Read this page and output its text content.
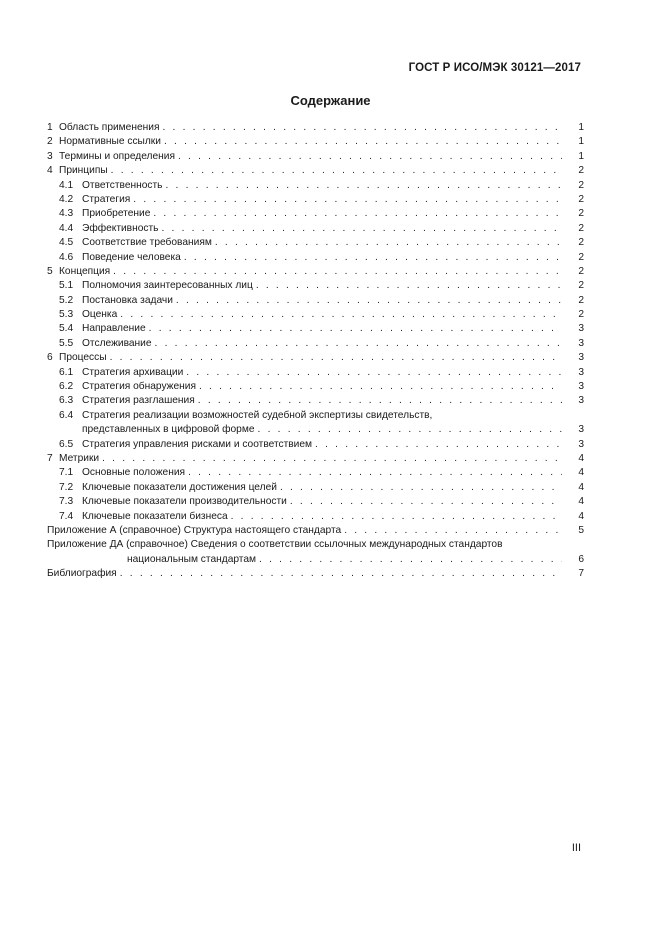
ГОСТ Р ИСО/МЭК 30121—2017
Содержание
1 Область применения . . .	1
2 Нормативные ссылки . . .	1
3 Термины и определения . . .	1
4 Принципы . . .	2
4.1 Ответственность . . .	2
4.2 Стратегия . . .	2
4.3 Приобретение . . .	2
4.4 Эффективность . . .	2
4.5 Соответствие требованиям . . .	2
4.6 Поведение человека . . .	2
5 Концепция . . .	2
5.1 Полномочия заинтересованных лиц . . .	2
5.2 Постановка задачи . . .	2
5.3 Оценка . . .	2
5.4 Направление . . .	3
5.5 Отслеживание . . .	3
6 Процессы . . .	3
6.1 Стратегия архивации . . .	3
6.2 Стратегия обнаружения . . .	3
6.3 Стратегия разглашения . . .	3
6.4 Стратегия реализации возможностей судебной экспертизы свидетельств,
представленных в цифровой форме . . .	3
6.5 Стратегия управления рисками и соответствием . . .	3
7 Метрики . . .	4
7.1 Основные положения . . .	4
7.2 Ключевые показатели достижения целей . . .	4
7.3 Ключевые показатели производительности . . .	4
7.4 Ключевые показатели бизнеса . . .	4
Приложение А (справочное) Структура настоящего стандарта . . .	5
Приложение ДА (справочное) Сведения о соответствии ссылочных международных стандартов
национальным стандартам . . .	6
Библиография . . .	7
III
